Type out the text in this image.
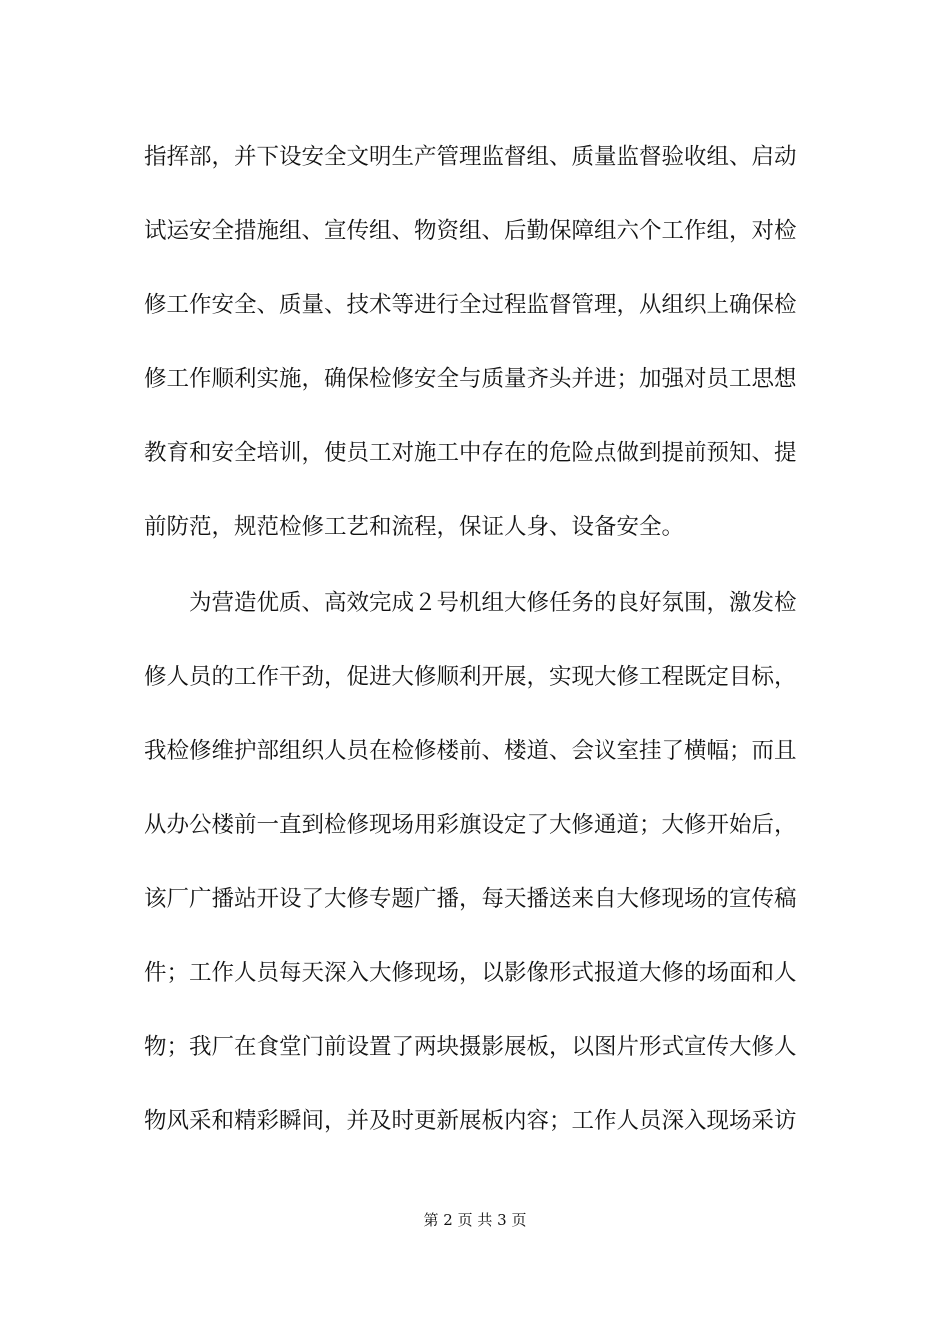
指挥部，并下设安全文明生产管理监督组、质量监督验收组、启动
试运安全措施组、宣传组、物资组、后勤保障组六个工作组，对检
修工作安全、质量、技术等进行全过程监督管理，从组织上确保检
修工作顺利实施，确保检修安全与质量齐头并进；加强对员工思想
教育和安全培训，使员工对施工中存在的危险点做到提前预知、提
前防范，规范检修工艺和流程，保证人身、设备安全。
为营造优质、高效完成２号机组大修任务的良好氛围，激发检
修人员的工作干劲，促进大修顺利开展，实现大修工程既定目标，
我检修维护部组织人员在检修楼前、楼道、会议室挂了横幅；而且
从办公楼前一直到检修现场用彩旗设定了大修通道；大修开始后，
该厂广播站开设了大修专题广播，每天播送来自大修现场的宣传稿
件；工作人员每天深入大修现场，以影像形式报道大修的场面和人
物；我厂在食堂门前设置了两块摄影展板，以图片形式宣传大修人
物风采和精彩瞬间，并及时更新展板内容；工作人员深入现场采访
第 2 页 共 3 页
